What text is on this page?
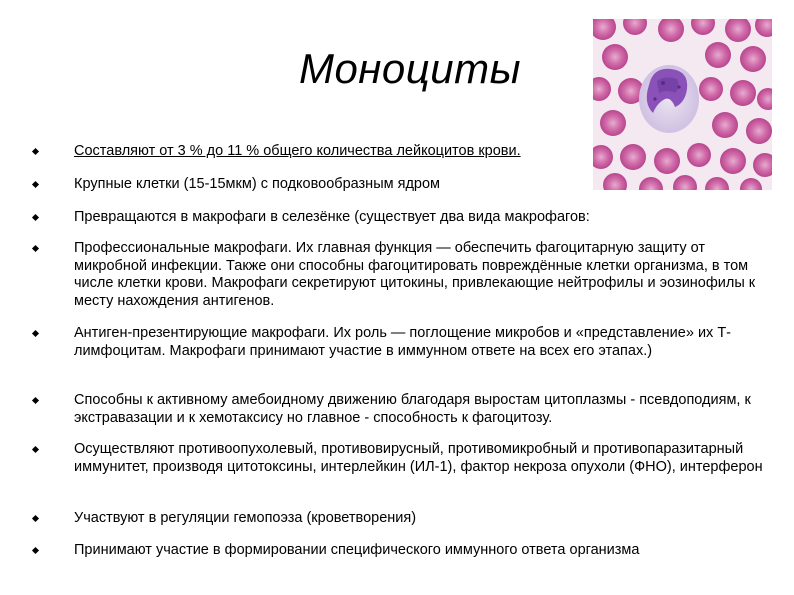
Моноциты
Составляют от 3 % до 11 % общего количества лейкоцитов крови.
Крупные клетки (15-15мкм) с подковообразным ядром
Превращаются в макрофаги в селезёнке (существует два вида макрофагов:
Профессиональные макрофаги. Их главная функция — обеспечить фагоцитарную защиту от микробной инфекции. Также они способны фагоцитировать повреждённые клетки организма, в том числе клетки крови. Макрофаги секретируют цитокины, привлекающие нейтрофилы и эозинофилы к месту нахождения антигенов.
Антиген-презентирующие макрофаги. Их роль — поглощение микробов и «представление» их Т-лимфоцитам. Макрофаги принимают участие в иммунном ответе на всех его этапах.)
Способны к активному амебоидному движению благодаря выростам цитоплазмы - псевдоподиям, к экстравазации и к хемотаксису но главное - способность к фагоцитозу.
Осуществляют противоопухолевый, противовирусный, противомикробный и противопаразитарный иммунитет, производя цитотоксины, интерлейкин (ИЛ-1), фактор некроза опухоли (ФНО), интерферон
Участвуют в регуляции гемопоэза (кроветворения)
Принимают участие в формировании специфического иммунного ответа организма
